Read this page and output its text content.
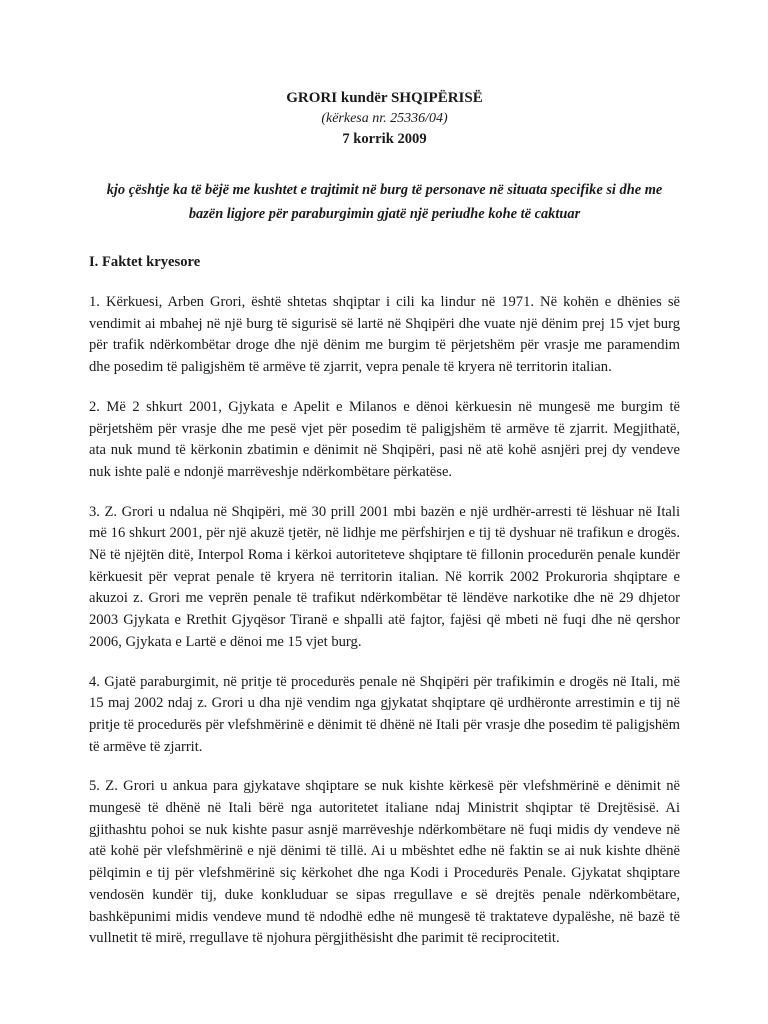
GRORI kundër SHQIPËRISË

(kërkesa nr. 25336/04)

7 korrik 2009

kjo çështje ka të bëjë me kushtet e trajtimit në burg të personave në situata specifike si dhe me bazën ligjore për paraburgimin gjatë një periudhe kohe të caktuar

I. Faktet kryesore

1. Kërkuesi, Arben Grori, është shtetas shqiptar i cili ka lindur në 1971. Në kohën e dhënies së vendimit ai mbahej në një burg të sigurisë së lartë në Shqipëri dhe vuate një dënim prej 15 vjet burg për trafik ndërkombëtar droge dhe një dënim me burgim të përjetshëm për vrasje me paramendim dhe posedim të paligjshëm të armëve të zjarrit, vepra penale të kryera në territorin italian.

2. Më 2 shkurt 2001, Gjykata e Apelit e Milanos e dënoi kërkuesin në mungesë me burgim të përjetshëm për vrasje dhe me pesë vjet për posedim të paligjshëm të armëve të zjarrit. Megjithatë, ata nuk mund të kërkonin zbatimin e dënimit në Shqipëri, pasi në atë kohë asnjëri prej dy vendeve nuk ishte palë e ndonjë marrëveshje ndërkombëtare përkatëse.

3. Z. Grori u ndalua në Shqipëri, më 30 prill 2001 mbi bazën e një urdhër-arresti të lëshuar në Itali më 16 shkurt 2001, për një akuzë tjetër, në lidhje me përfshirjen e tij të dyshuar në trafikun e drogës. Në të njëjtën ditë, Interpol Roma i kërkoi autoriteteve shqiptare të fillonin procedurën penale kundër kërkuesit për veprat penale të kryera në territorin italian. Në korrik 2002 Prokuroria shqiptare e akuzoi z. Grori me veprën penale të trafikut ndërkombëtar të lëndëve narkotike dhe në 29 dhjetor 2003 Gjykata e Rrethit Gjyqësor Tiranë e shpalli atë fajtor, fajësi që mbeti në fuqi dhe në qershor 2006, Gjykata e Lartë e dënoi me 15 vjet burg.

4. Gjatë paraburgimit, në pritje të procedurës penale në Shqipëri për trafikimin e drogës në Itali, më 15 maj 2002 ndaj z. Grori u dha një vendim nga gjykatat shqiptare që urdhëronte arrestimin e tij në pritje të procedurës për vlefshmërinë e dënimit të dhënë në Itali për vrasje dhe posedim të paligjshëm të armëve të zjarrit.

5. Z. Grori u ankua para gjykatave shqiptare se nuk kishte kërkesë për vlefshmërinë e dënimit në mungesë të dhënë në Itali bërë nga autoritetet italiane ndaj Ministrit shqiptar të Drejtësisë. Ai gjithashtu pohoi se nuk kishte pasur asnjë marrëveshje ndërkombëtare në fuqi midis dy vendeve në atë kohë për vlefshmërinë e një dënimi të tillë. Ai u mbështet edhe në faktin se ai nuk kishte dhënë pëlqimin e tij për vlefshmërinë siç kërkohet dhe nga Kodi i Procedurës Penale. Gjykatat shqiptare vendosën kundër tij, duke konkluduar se sipas rregullave e së drejtës penale ndërkombëtare, bashkëpunimi midis vendeve mund të ndodhë edhe në mungesë të traktateve dypalëshe, në bazë të vullnetit të mirë, rregullave të njohura përgjithësisht dhe parimit të reciprocitetit.
